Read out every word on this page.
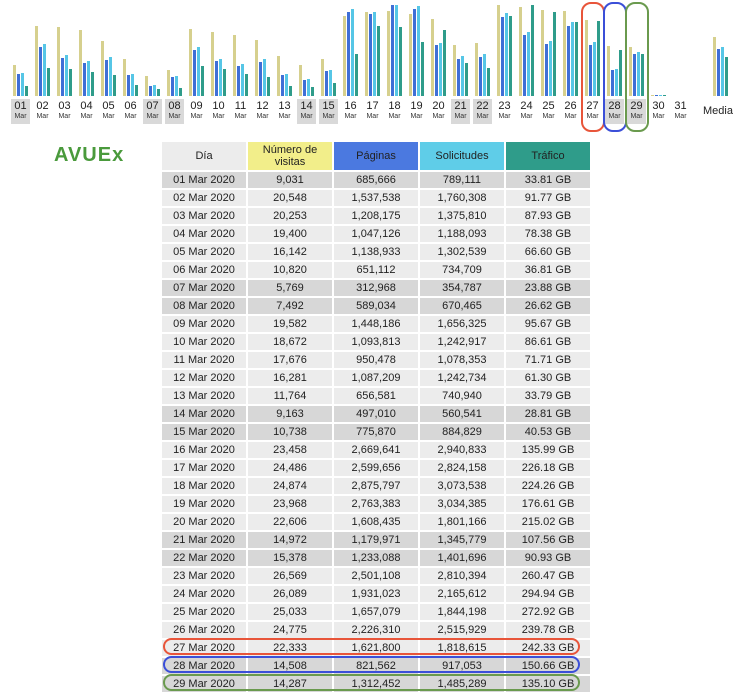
01
Mar
02
Mar
03
Mar
04
Mar
05
Mar
06
Mar
07
Mar
08
Mar
09
Mar
10
Mar
11
Mar
12
Mar
13
Mar
14
Mar
15
Mar
16
Mar
17
Mar
18
Mar
19
Mar
20
Mar
21
Mar
22
Mar
23
Mar
24
Mar
25
Mar
26
Mar
27
Mar
28
Mar
29
Mar
30
Mar
31
Mar	Media
AVUEx	Día	Número de visitas	Páginas	Solicitudes	Tráfico
01 Mar 2020	9,031	685,666	789,111	33.81 GB
02 Mar 2020	20,548	1,537,538	1,760,308	91.77 GB
03 Mar 2020	20,253	1,208,175	1,375,810	87.93 GB
04 Mar 2020	19,400	1,047,126	1,188,093	78.38 GB
05 Mar 2020	16,142	1,138,933	1,302,539	66.60 GB
06 Mar 2020	10,820	651,112	734,709	36.81 GB
07 Mar 2020	5,769	312,968	354,787	23.88 GB
08 Mar 2020	7,492	589,034	670,465	26.62 GB
09 Mar 2020	19,582	1,448,186	1,656,325	95.67 GB
10 Mar 2020	18,672	1,093,813	1,242,917	86.61 GB
11 Mar 2020	17,676	950,478	1,078,353	71.71 GB
12 Mar 2020	16,281	1,087,209	1,242,734	61.30 GB
13 Mar 2020	11,764	656,581	740,940	33.79 GB
14 Mar 2020	9,163	497,010	560,541	28.81 GB
15 Mar 2020	10,738	775,870	884,829	40.53 GB
16 Mar 2020	23,458	2,669,641	2,940,833	135.99 GB
17 Mar 2020	24,486	2,599,656	2,824,158	226.18 GB
18 Mar 2020	24,874	2,875,797	3,073,538	224.26 GB
19 Mar 2020	23,968	2,763,383	3,034,385	176.61 GB
20 Mar 2020	22,606	1,608,435	1,801,166	215.02 GB
21 Mar 2020	14,972	1,179,971	1,345,779	107.56 GB
22 Mar 2020	15,378	1,233,088	1,401,696	90.93 GB
23 Mar 2020	26,569	2,501,108	2,810,394	260.47 GB
24 Mar 2020	26,089	1,931,023	2,165,612	294.94 GB
25 Mar 2020	25,033	1,657,079	1,844,198	272.92 GB
26 Mar 2020	24,775	2,226,310	2,515,929	239.78 GB
27 Mar 2020	22,333	1,621,800	1,818,615	242.33 GB
28 Mar 2020	14,508	821,562	917,053	150.66 GB
29 Mar 2020	14,287	1,312,452	1,485,289	135.10 GB
